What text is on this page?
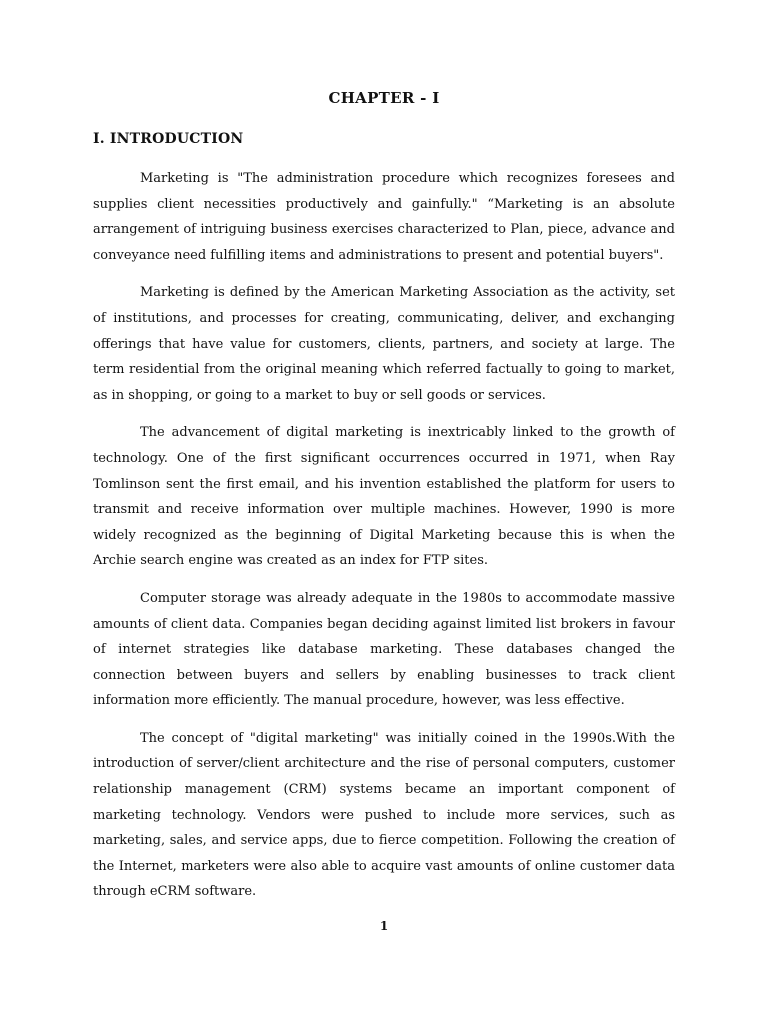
CHAPTER - I
I. INTRODUCTION

Marketing is "The administration procedure which recognizes foresees and supplies client necessities productively and gainfully." “Marketing is an absolute arrangement of intriguing business exercises characterized to Plan, piece, advance and conveyance need fulfilling items and administrations to present and potential buyers".

Marketing is defined by the American Marketing Association as the activity, set of institutions, and processes for creating, communicating, deliver, and exchanging offerings that have value for customers, clients, partners, and society at large. The term residential from the original meaning which referred factually to going to market, as in shopping, or going to a market to buy or sell goods or services.

The advancement of digital marketing is inextricably linked to the growth of technology. One of the first significant occurrences occurred in 1971, when Ray Tomlinson sent the first email, and his invention established the platform for users to transmit and receive information over multiple machines. However, 1990 is more widely recognized as the beginning of Digital Marketing because this is when the Archie search engine was created as an index for FTP sites.

Computer storage was already adequate in the 1980s to accommodate massive amounts of client data. Companies began deciding against limited list brokers in favour of internet strategies like database marketing. These databases changed the connection between buyers and sellers by enabling businesses to track client information more efficiently. The manual procedure, however, was less effective.

The concept of "digital marketing" was initially coined in the 1990s.With the introduction of server/client architecture and the rise of personal computers, customer relationship management (CRM) systems became an important component of marketing technology. Vendors were pushed to include more services, such as marketing, sales, and service apps, due to fierce competition. Following the creation of the Internet, marketers were also able to acquire vast amounts of online customer data through eCRM software.

1
